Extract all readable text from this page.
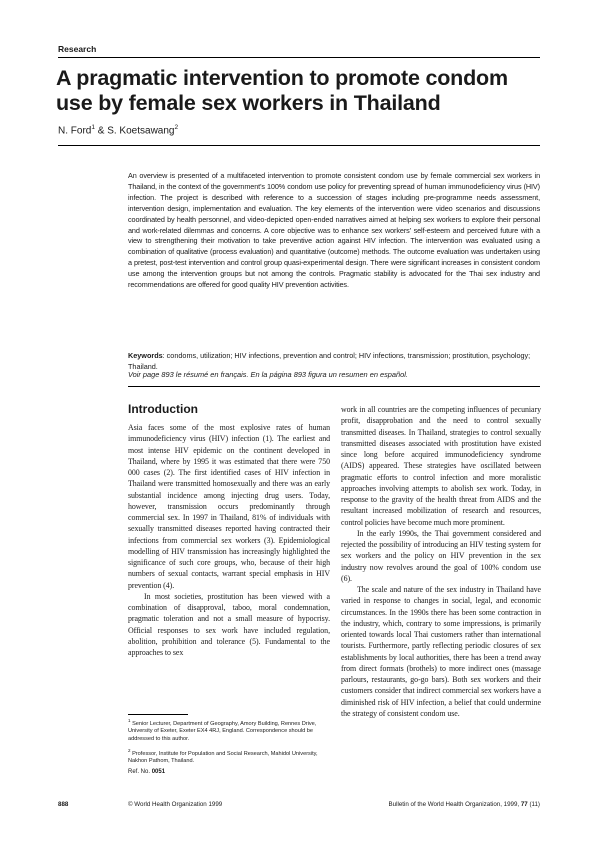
Research
A pragmatic intervention to promote condom use by female sex workers in Thailand
N. Ford$^1$ & S. Koetsawang$^2$
An overview is presented of a multifaceted intervention to promote consistent condom use by female commercial sex workers in Thailand, in the context of the government’s 100% condom use policy for preventing spread of human immunodeficiency virus (HIV) infection. The project is described with reference to a succession of stages including pre-programme needs assessment, intervention design, implementation and evaluation. The key elements of the intervention were video scenarios and discussions coordinated by health personnel, and video-depicted open-ended narratives aimed at helping sex workers to explore their personal and work-related dilemmas and concerns. A core objective was to enhance sex workers’ self-esteem and perceived future with a view to strengthening their motivation to take preventive action against HIV infection. The intervention was evaluated using a combination of qualitative (process evaluation) and quantitative (outcome) methods. The outcome evaluation was undertaken using a pretest, post-test intervention and control group quasi-experimental design. There were significant increases in consistent condom use among the intervention groups but not among the controls. Pragmatic stability is advocated for the Thai sex industry and recommendations are offered for good quality HIV prevention activities.
Keywords: condoms, utilization; HIV infections, prevention and control; HIV infections, transmission; prostitution, psychology; Thailand.
Voir page 893 le résumé en français. En la página 893 figura un resumen en español.
Introduction

Asia faces some of the most explosive rates of human immunodeficiency virus (HIV) infection (1). The earliest and most intense HIV epidemic on the continent developed in Thailand, where by 1995 it was estimated that there were 750 000 cases (2). The first identified cases of HIV infection in Thailand were transmitted homosexually and there was an early substantial incidence among injecting drug users. Today, however, transmission occurs predominantly through commercial sex. In 1997 in Thailand, 81% of individuals with sexually transmitted diseases reported having contracted their infections from commercial sex workers (3). Epidemiological modelling of HIV transmission has increasingly highlighted the significance of such core groups, who, because of their high numbers of sexual contacts, warrant special emphasis in HIV prevention (4).

In most societies, prostitution has been viewed with a combination of disapproval, taboo, moral condemnation, pragmatic toleration and not a small measure of hypocrisy. Official responses to sex work have included regulation, abolition, prohibition and tolerance (5). Fundamental to the approaches to sex

work in all countries are the competing influences of pecuniary profit, disapprobation and the need to control sexually transmitted diseases. In Thailand, strategies to control sexually transmitted diseases associated with prostitution have existed since long before acquired immunodeficiency syndrome (AIDS) appeared. These strategies have oscillated between pragmatic efforts to control infection and more moralistic approaches involving attempts to abolish sex work. Today, in response to the gravity of the health threat from AIDS and the resultant increased mobilization of research and resources, control policies have become much more prominent.

In the early 1990s, the Thai government considered and rejected the possibility of introducing an HIV testing system for sex workers and the policy on HIV prevention in the sex industry now revolves around the goal of 100% condom use (6).

The scale and nature of the sex industry in Thailand have varied in response to changes in social, legal, and economic circumstances. In the 1990s there has been some contraction in the industry, which, contrary to some impressions, is primarily oriented towards local Thai customers rather than international tourists. Furthermore, partly reflecting periodic closures of sex establishments by local authorities, there has been a trend away from direct formats (brothels) to more indirect ones (massage parlours, restaurants, go-go bars). Both sex workers and their customers consider that indirect commercial sex workers have a diminished risk of HIV infection, a belief that could undermine the strategy of consistent condom use.

$^1$ Senior Lecturer, Department of Geography, Amory Building, Rennes Drive, University of Exeter, Exeter EX4 4RJ, England. Correspondence should be addressed to this author.

$^2$ Professor, Institute for Population and Social Research, Mahidol University, Nakhon Pathom, Thailand.

Ref. No. 0051

888	© World Health Organization 1999	Bulletin of the World Health Organization, 1999, 77 (11)
